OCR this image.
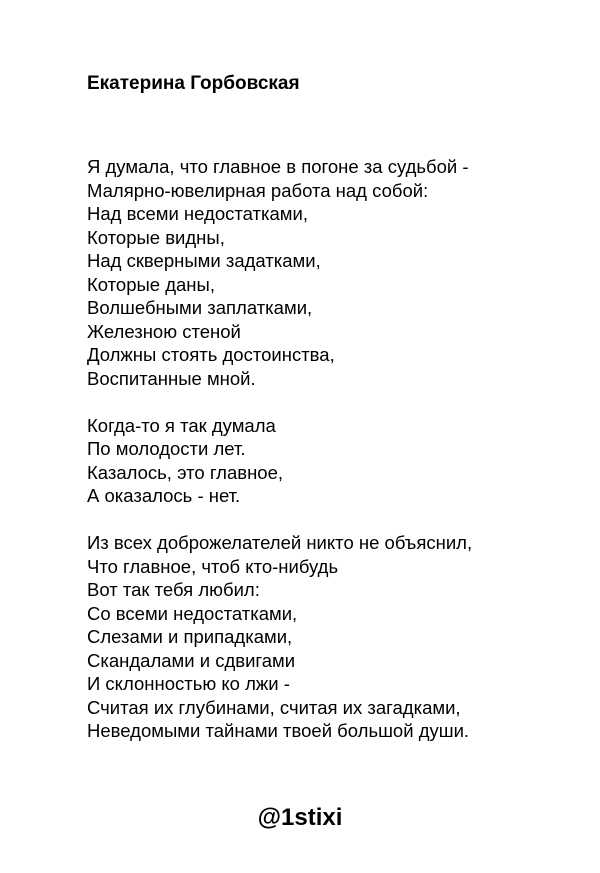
Екатерина Горбовская
Я думала, что главное в погоне за судьбой -
Малярно-ювелирная работа над собой:
Над всеми недостатками,
Которые видны,
Над скверными задатками,
Которые даны,
Волшебными заплатками,
Железною стеной
Должны стоять достоинства,
Воспитанные мной.
Когда-то я так думала
По молодости лет.
Казалось, это главное,
А оказалось - нет.
Из всех доброжелателей никто не объяснил,
Что главное, чтоб кто-нибудь
Вот так тебя любил:
Со всеми недостатками,
Слезами и припадками,
Скандалами и сдвигами
И склонностью ко лжи -
Считая их глубинами, считая их загадками,
Неведомыми тайнами твоей большой души.
@1stixi
